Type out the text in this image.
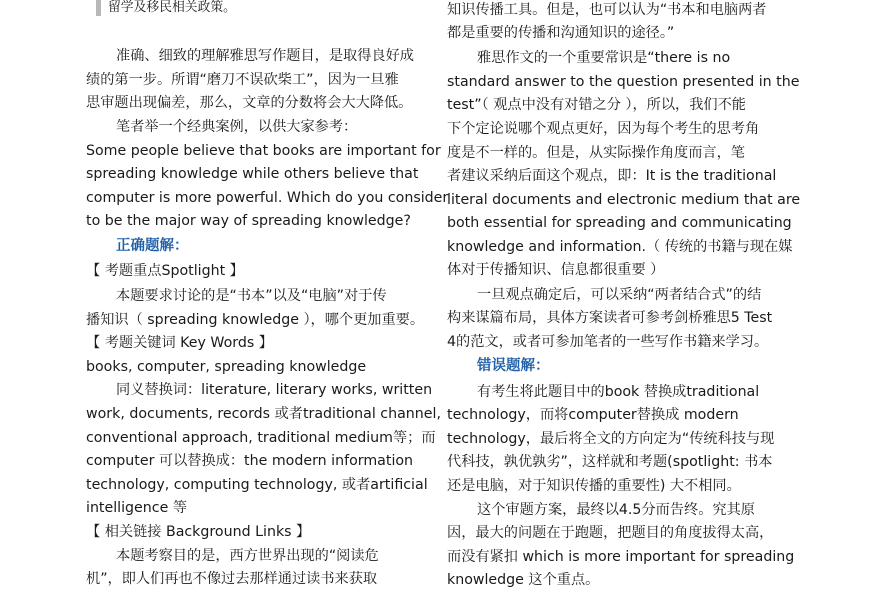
留学及移民相关政策。
准确、细致的理解雅思写作题目，是取得良好成
绩的第一步。所谓“磨刀不误砍柴工”，因为一旦雅
思审题出现偏差，那么，文章的分数将会大大降低。
笔者举一个经典案例，以供大家参考：
Some people believe that books are important for
spreading knowledge while others believe that
computer is more powerful. Which do you consider
to be the major way of spreading knowledge?
正确题解：
【 考题重点Spotlight 】
本题要求讨论的是“书本”以及“电脑”对于传
播知识（ spreading knowledge ），哪个更加重要。
【 考题关键词 Key Words 】
books, computer, spreading knowledge
同义替换词：literature, literary works, written
work, documents, records 或者traditional channel,
conventional approach, traditional medium等；而
computer 可以替换成：the modern information
technology, computing technology, 或者artificial
intelligence 等
【 相关链接 Background Links 】
本题考察目的是，西方世界出现的“阅读危
机”，即人们再也不像过去那样通过读书来获取
知识传播工具。但是，也可以认为“书本和电脑两者
都是重要的传播和沟通知识的途径。”
雅思作文的一个重要常识是“there is no
standard answer to the question presented in the
test”（ 观点中没有对错之分 ），所以，我们不能
下个定论说哪个观点更好，因为每个考生的思考角
度是不一样的。但是，从实际操作角度而言，笔
者建议采纳后面这个观点，即：It is the traditional
literal documents and electronic medium that are
both essential for spreading and communicating
knowledge and information.（ 传统的书籍与现在媒
体对于传播知识、信息都很重要 ）
一旦观点确定后，可以采纳“两者结合式”的结
构来谋篇布局，具体方案读者可参考剑桥雅思5 Test
4的范文，或者可参加笔者的一些写作书籍来学习。
错误题解：
有考生将此题目中的book 替换成traditional
technology，而将computer替换成 modern
technology，最后将全文的方向定为“传统科技与现
代科技，孰优孰劣”，这样就和考题(spotlight: 书本
还是电脑，对于知识传播的重要性) 大不相同。
这个审题方案，最终以4.5分而告终。究其原
因，最大的问题在于跑题，把题目的角度拔得太高，
而没有紧扣 which is more important for spreading
knowledge 这个重点。
